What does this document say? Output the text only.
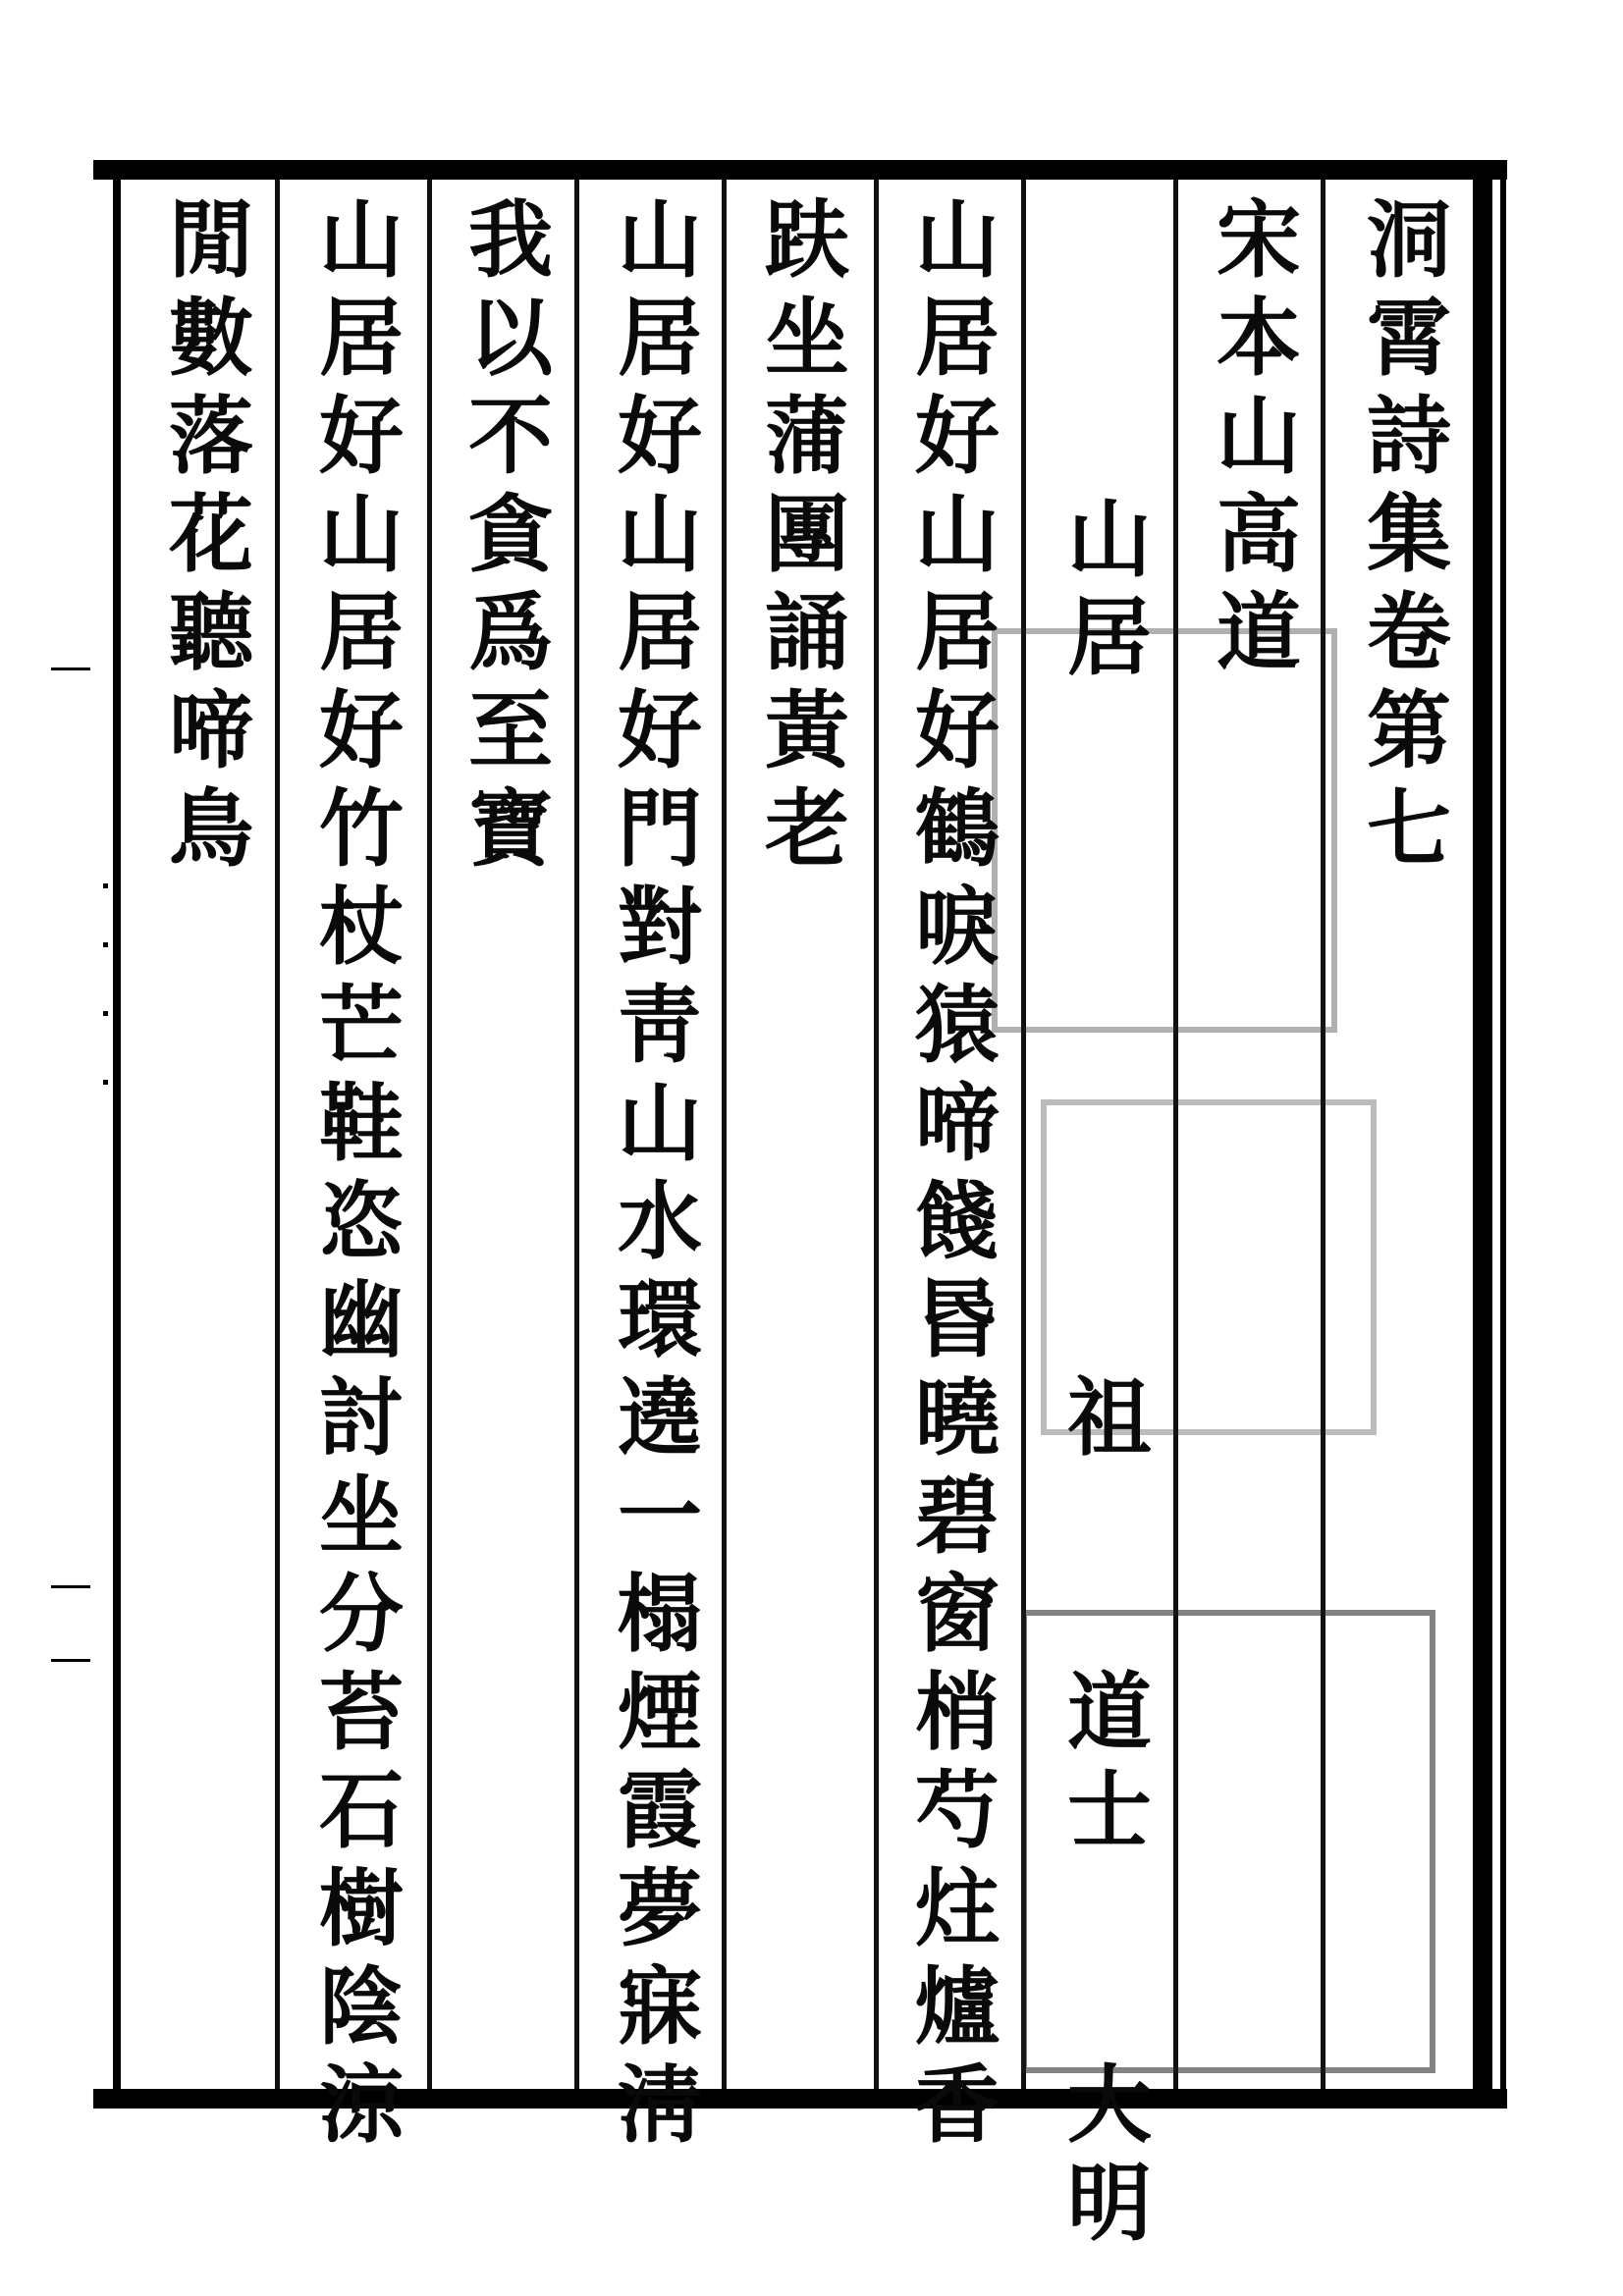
洞
霄
詩
集
卷
第
七
宋
本
山
高
道
山
居
祖

道
士

大
明
山
居
好
山
居
好
鶴
唳
猿
啼
餞
昬
曉
碧
窗
梢
芍
炷
爐
香
趺
坐
蒲
團
誦
黃
老
山
居
好
山
居
好
門
對
靑
山
水
環
遶
一
榻
煙
霞
夢
寐
淸
我
以
不
貪
爲
至
寶
山
居
好
山
居
好
竹
杖
芒
鞋
恣
幽
討
坐
分
苔
石
樹
陰
涼
閒
數
落
花
聽
啼
鳥
